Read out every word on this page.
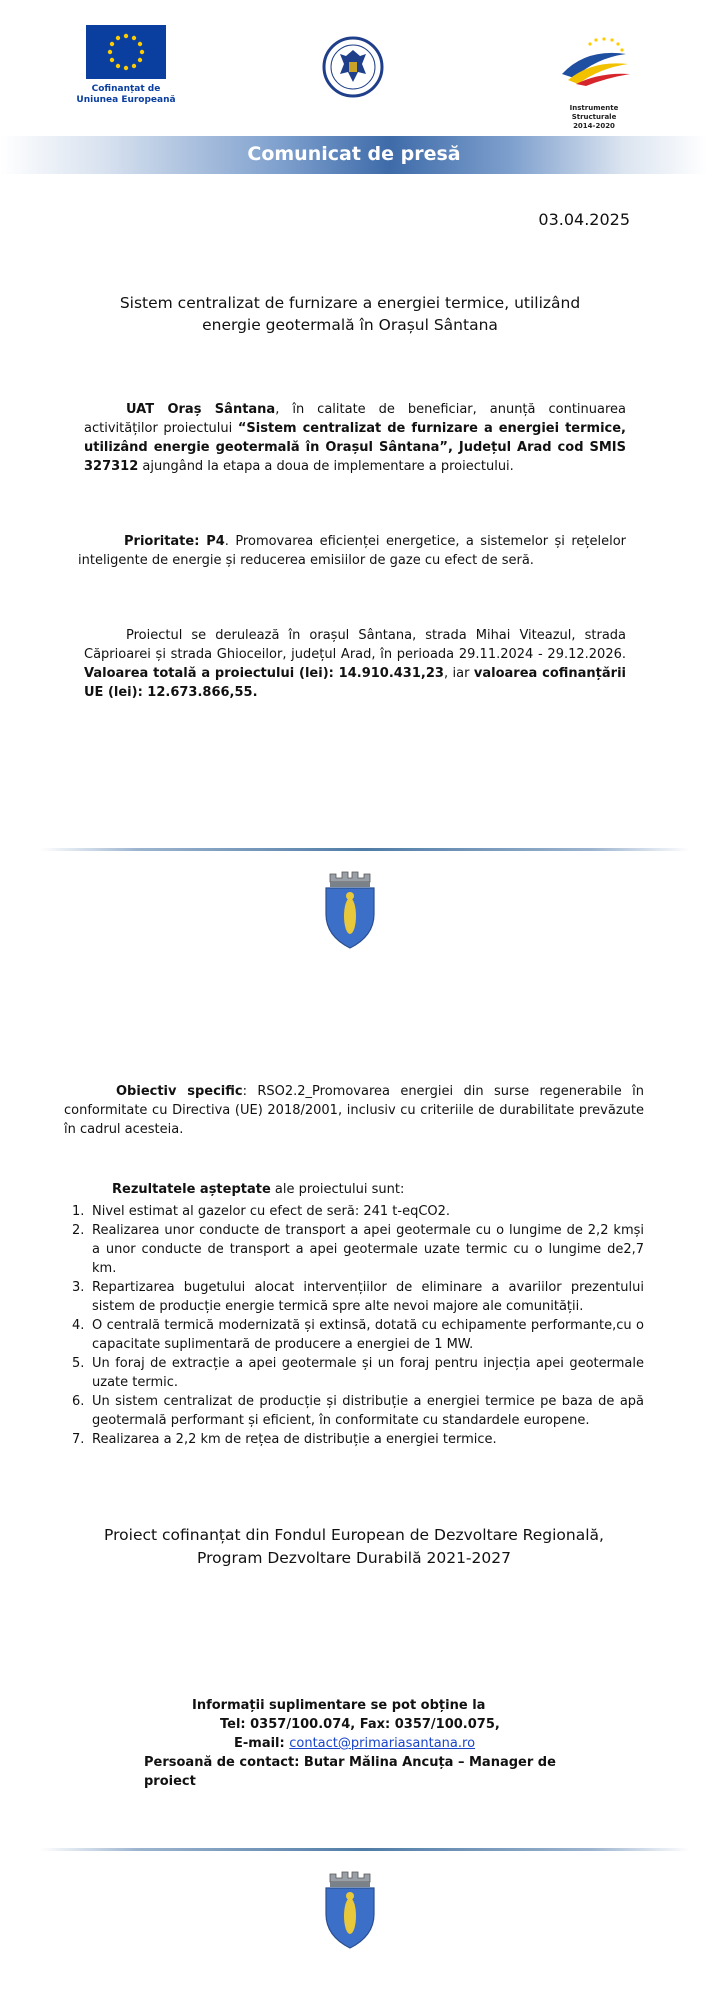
Cofinanțat de
Uniunea Europeană
Instrumente Structurale
2014-2020
Comunicat de presă
03.04.2025
Sistem centralizat de furnizare a energiei termice, utilizând
energie geotermală în Orașul Sântana
UAT Oraș Sântana, în calitate de beneficiar, anunță continuarea activităților proiectului “Sistem centralizat de furnizare a energiei termice, utilizând energie geotermală în Orașul Sântana”, Județul Arad cod SMIS 327312 ajungând la etapa a doua de implementare a proiectului.
Prioritate: P4. Promovarea eficienței energetice, a sistemelor și rețelelor inteligente de energie și reducerea emisiilor de gaze cu efect de seră.
Proiectul se derulează în orașul Sântana, strada Mihai Viteazul, strada Căprioarei și strada Ghioceilor, județul Arad, în perioada 29.11.2024 - 29.12.2026. Valoarea totală a proiectului (lei): 14.910.431,23, iar valoarea cofinanțării UE (lei): 12.673.866,55.
Obiectiv specific: RSO2.2_Promovarea energiei din surse regenerabile în conformitate cu Directiva (UE) 2018/2001, inclusiv cu criteriile de durabilitate prevăzute în cadrul acesteia.
Rezultatele așteptate ale proiectului sunt:
1. Nivel estimat al gazelor cu efect de seră: 241 t-eqCO2.
2. Realizarea unor conducte de transport a apei geotermale cu o lungime de 2,2 kmși a unor conducte de transport a apei geotermale uzate termic cu o lungime de2,7 km.
3. Repartizarea bugetului alocat intervențiilor de eliminare a avariilor prezentului sistem de producție energie termică spre alte nevoi majore ale comunității.
4. O centrală termică modernizată și extinsă, dotată cu echipamente performante,cu o capacitate suplimentară de producere a energiei de 1 MW.
5. Un foraj de extracție a apei geotermale și un foraj pentru injecția apei geotermale uzate termic.
6. Un sistem centralizat de producție și distribuție a energiei termice pe baza de apă geotermală performant și eficient, în conformitate cu standardele europene.
7. Realizarea a 2,2 km de rețea de distribuție a energiei termice.
Proiect cofinanțat din Fondul European de Dezvoltare Regională,
Program Dezvoltare Durabilă 2021-2027
Informații suplimentare se pot obține la
Tel: 0357/100.074, Fax: 0357/100.075,
E-mail: contact@primariasantana.ro
Persoană de contact: Butar Mălina Ancuța – Manager de proiect
